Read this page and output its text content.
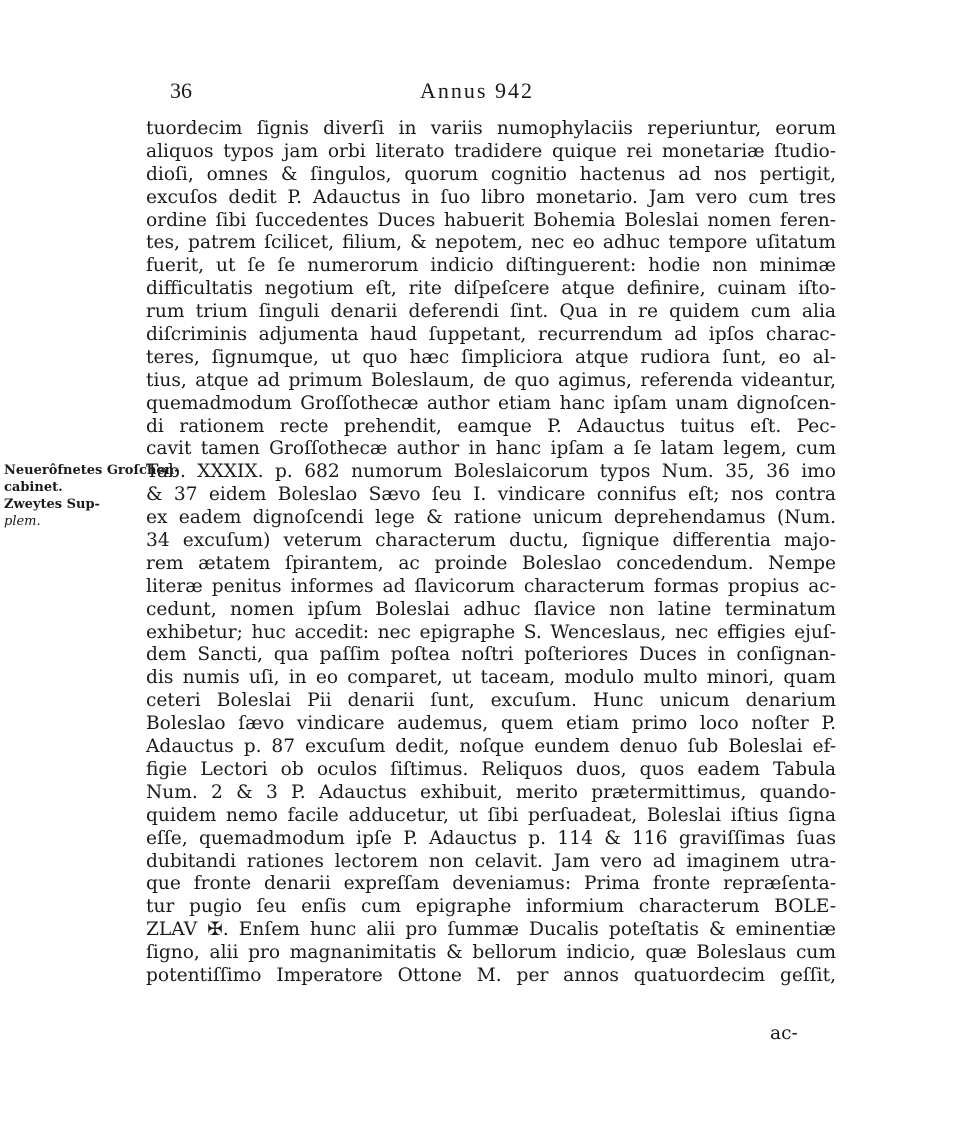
36	Annus 942
Neuerôfnetes Groſchen-
cabinet.
Zweytes Sup-
plem.
tuordecim ſignis diverſi in variis numophylaciis reperiuntur, eorum
aliquos typos jam orbi literato tradidere quique rei monetariæ ſtudio-
dioſi, omnes & ſingulos, quorum cognitio hactenus ad nos pertigit,
excuſos dedit P. Adauctus in ſuo libro monetario. Jam vero cum tres
ordine ſibi ſuccedentes Duces habuerit Bohemia Boleslai nomen feren-
tes, patrem ſcilicet, filium, & nepotem, nec eo adhuc tempore uſitatum
fuerit, ut ſe ſe numerorum indicio diſtinguerent: hodie non minimæ
difficultatis negotium eſt, rite diſpeſcere atque definire, cuinam iſto-
rum trium ſinguli denarii deferendi ſint. Qua in re quidem cum alia
diſcriminis adjumenta haud ſuppetant, recurrendum ad ipſos charac-
teres, ſignumque, ut quo hæc ſimpliciora atque rudiora ſunt, eo al-
tius, atque ad primum Boleslaum, de quo agimus, referenda videantur,
quemadmodum Groſſothecæ author etiam hanc ipſam unam dignoſcen-
di rationem recte prehendit, eamque P. Adauctus tuitus eſt. Pec-
cavit tamen Groſſothecæ author in hanc ipſam a ſe latam legem, cum
Tab. XXXIX. p. 682 numorum Boleslaicorum typos Num. 35, 36 imo
& 37 eidem Boleslao Sævo ſeu I. vindicare connifus eſt; nos contra
ex eadem dignoſcendi lege & ratione unicum deprehendamus (Num.
34 excuſum) veterum characterum ductu, ſignique differentia majo-
rem ætatem ſpirantem, ac proinde Boleslao concedendum. Nempe
literæ penitus informes ad ſlavicorum characterum formas propius ac-
cedunt, nomen ipſum Boleslai adhuc ſlavice non latine terminatum
exhibetur; huc accedit: nec epigraphe S. Wenceslaus, nec effigies ejuſ-
dem Sancti, qua paſſim poſtea noſtri poſteriores Duces in conſignan-
dis numis uſi, in eo comparet, ut taceam, modulo multo minori, quam
ceteri Boleslai Pii denarii ſunt, excuſum. Hunc unicum denarium
Boleslao ſævo vindicare audemus, quem etiam primo loco noſter P.
Adauctus p. 87 excuſum dedit, noſque eundem denuo ſub Boleslai ef-
figie Lectori ob oculos ſiſtimus. Reliquos duos, quos eadem Tabula
Num. 2 & 3 P. Adauctus exhibuit, merito prætermittimus, quando-
quidem nemo facile adducetur, ut ſibi perſuadeat, Boleslai iſtius ſigna
eſſe, quemadmodum ipſe P. Adauctus p. 114 & 116 graviſſimas ſuas
dubitandi rationes lectorem non celavit. Jam vero ad imaginem utra-
que fronte denarii expreſſam deveniamus: Prima fronte repræſenta-
tur pugio ſeu enſis cum epigraphe informium characterum BOLE-
ZLAV ✠. Enſem hunc alii pro ſummæ Ducalis poteſtatis & eminentiæ
ſigno, alii pro magnanimitatis & bellorum indicio, quæ Boleslaus cum
potentiſſimo Imperatore Ottone M. per annos quatuordecim geſſit,
ac-
